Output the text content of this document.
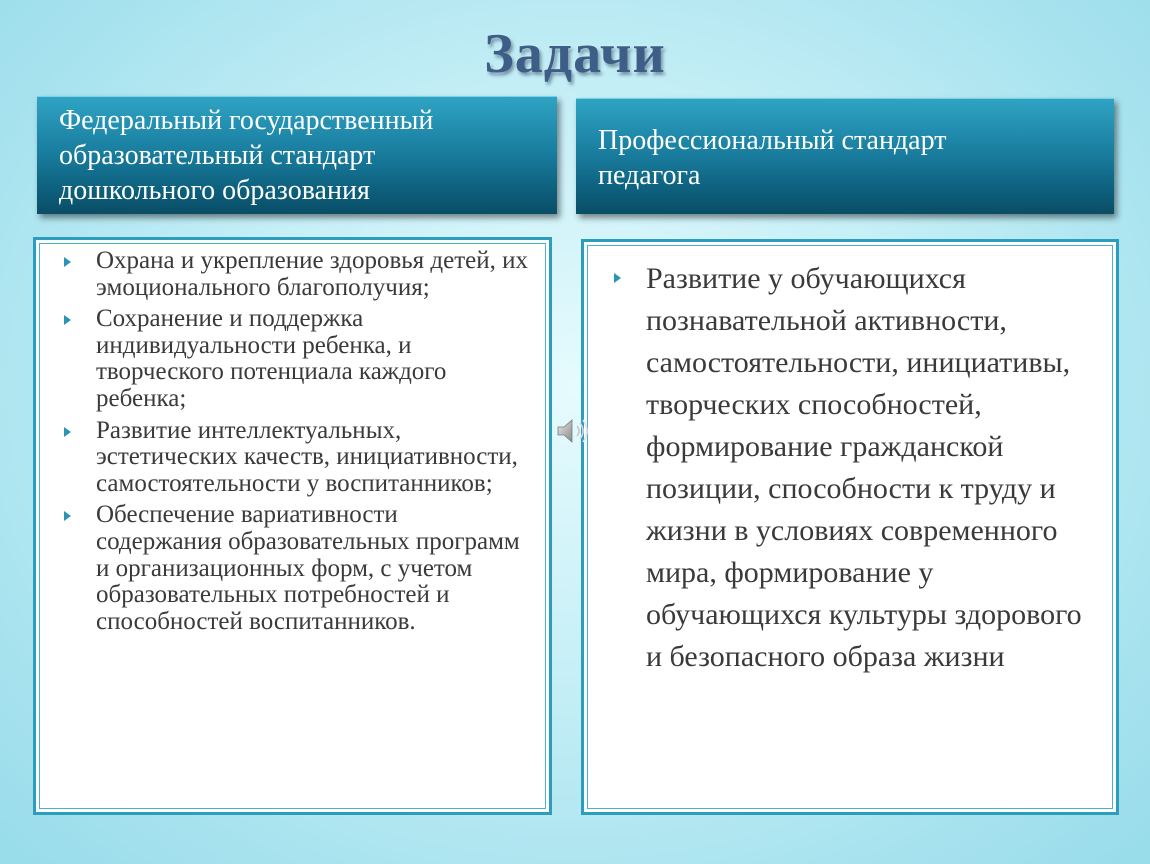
Задачи
Федеральный государственный
образовательный стандарт
дошкольного образования
Профессиональный стандарт
педагога
Охрана и укрепление здоровья детей, их эмоционального благополучия;
Сохранение и поддержка индивидуальности ребенка, и творческого потенциала каждого ребенка;
Развитие интеллектуальных, эстетических качеств, инициативности, самостоятельности у воспитанников;
Обеспечение вариативности содержания образовательных программ и организационных форм, с учетом образовательных потребностей и способностей воспитанников.
Развитие у обучающихся познавательной активности, самостоятельности, инициативы, творческих способностей, формирование гражданской позиции, способности к труду и жизни в условиях современного мира, формирование у обучающихся культуры здорового и безопасного образа жизни
